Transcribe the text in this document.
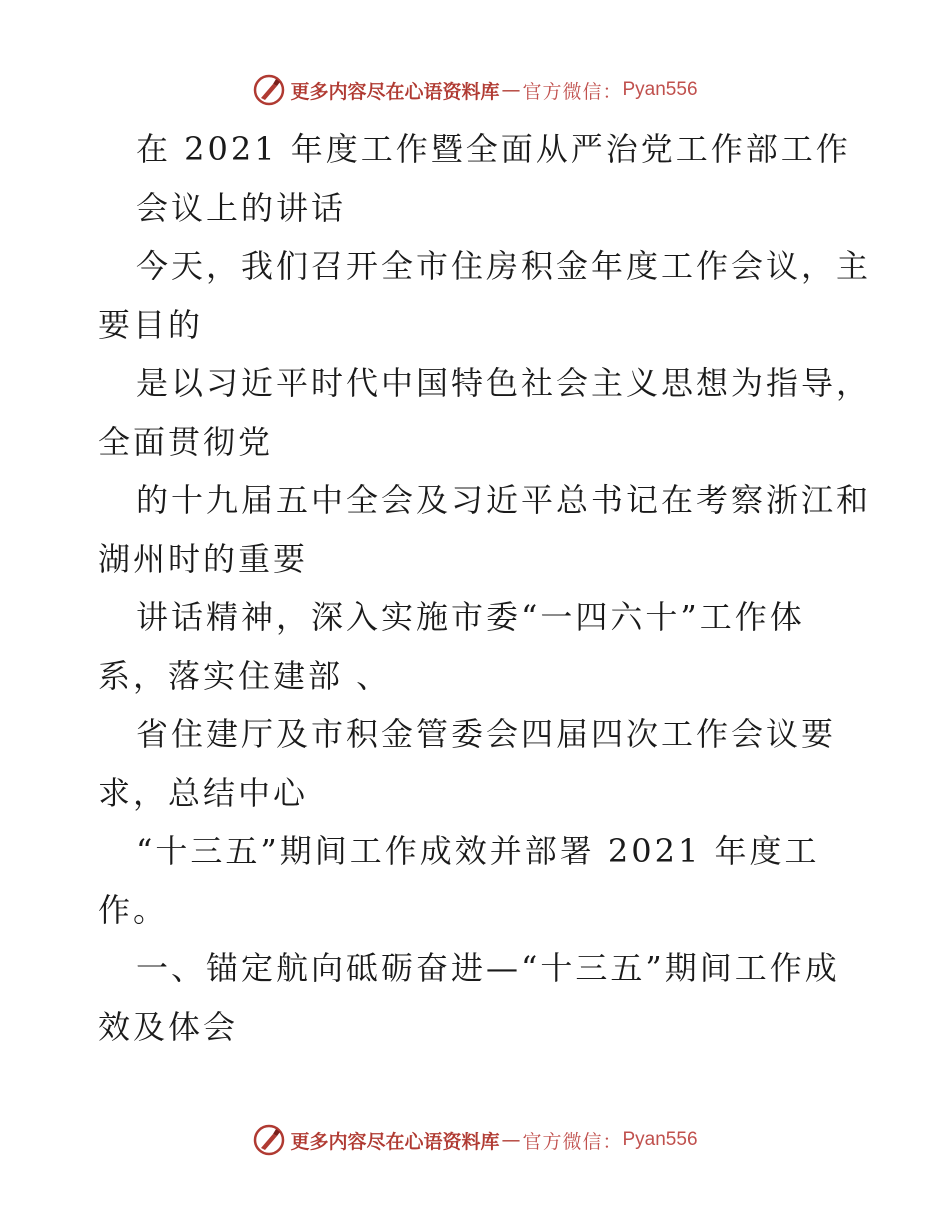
更多内容尽在心语资料库 — 官方微信： Pyan556
在 2021 年度工作暨全面从严治党工作部工作
会议上的讲话
今天，我们召开全市住房积金年度工作会议，主
要目的
是以习近平时代中国特色社会主义思想为指导，
全面贯彻党
的十九届五中全会及习近平总书记在考察浙江和
湖州时的重要
讲话精神，深入实施市委“一四六十”工作体
系，落实住建部 、
省住建厅及市积金管委会四届四次工作会议要
求，总结中心
“十三五”期间工作成效并部署 2021 年度工
作。
一、锚定航向砥砺奋进—“十三五”期间工作成
效及体会
更多内容尽在心语资料库 — 官方微信： Pyan556
